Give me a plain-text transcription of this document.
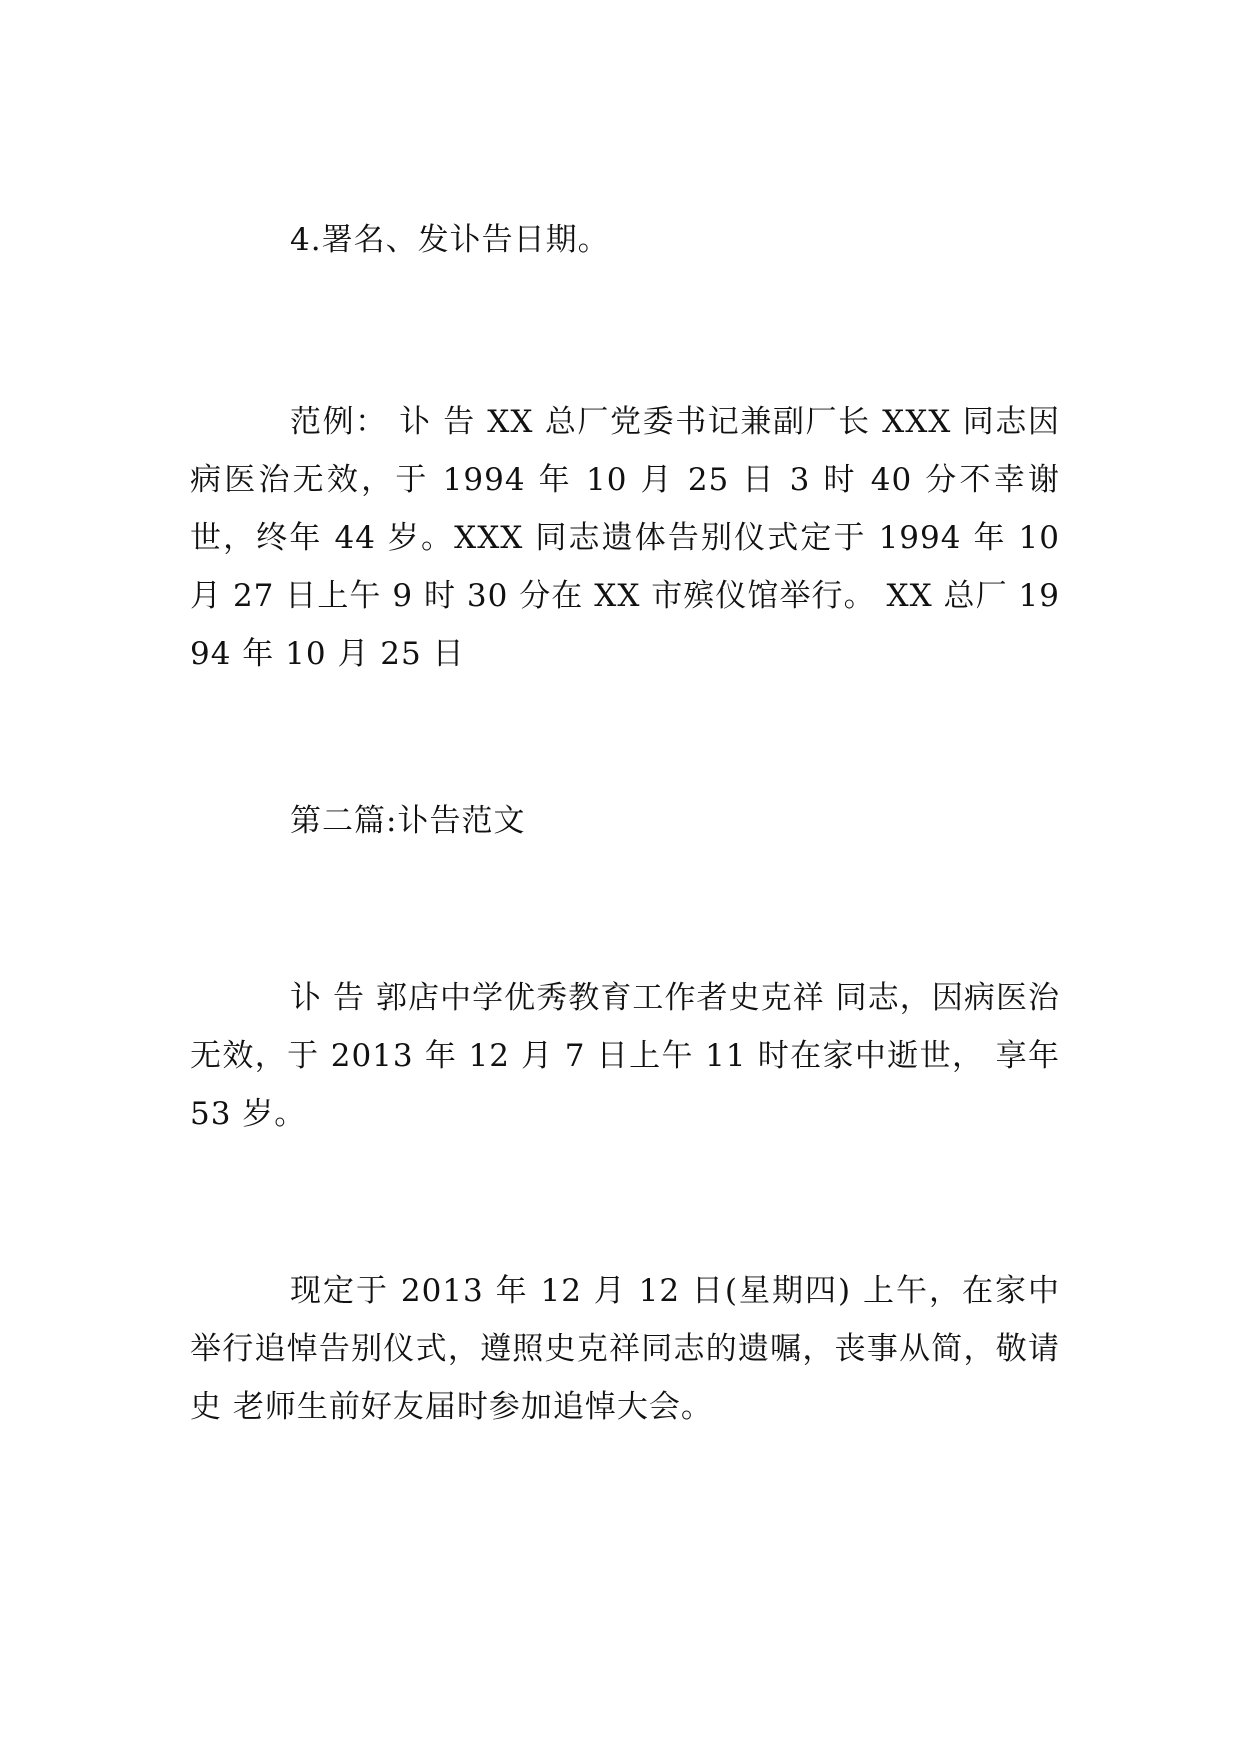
4.署名、发讣告日期。

范例： 讣 告 XX 总厂党委书记兼副厂长 XXX 同志因病医治无效，于 1994 年 10 月 25 日 3 时 40 分不幸谢世，终年 44 岁。XXX 同志遗体告别仪式定于 1994 年 10 月 27 日上午 9 时 30 分在 XX 市殡仪馆举行。 XX 总厂 1994 年 10 月 25 日

第二篇:讣告范文

讣 告 郭店中学优秀教育工作者史克祥 同志，因病医治无效，于 2013 年 12 月 7 日上午 11 时在家中逝世， 享年 53 岁。

现定于 2013 年 12 月 12 日(星期四) 上午，在家中举行追悼告别仪式，遵照史克祥同志的遗嘱，丧事从简，敬请史 老师生前好友届时参加追悼大会。
